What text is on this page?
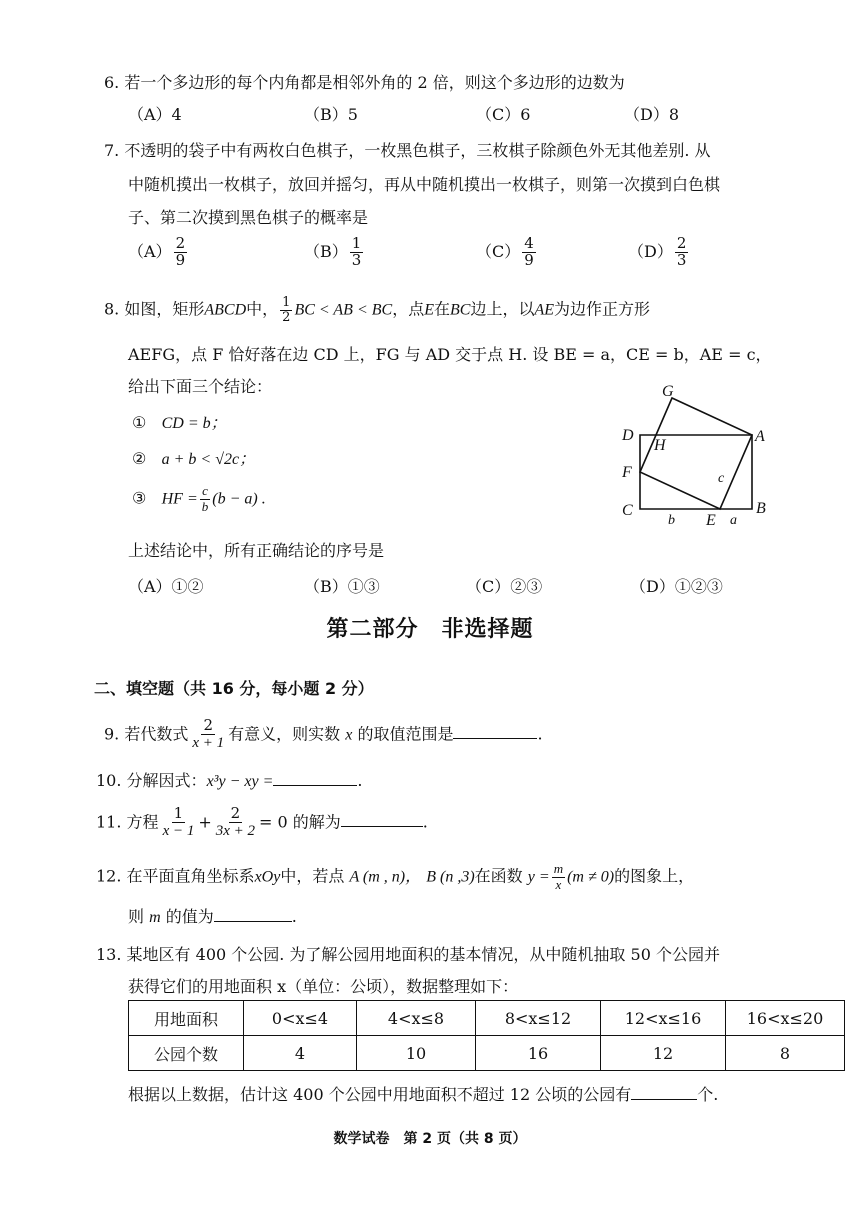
6. 若一个多边形的每个内角都是相邻外角的 2 倍，则这个多边形的边数为
（A）4	（B）5	（C）6	（D）8
7. 不透明的袋子中有两枚白色棋子，一枚黑色棋子，三枚棋子除颜色外无其他差别. 从
中随机摸出一枚棋子，放回并摇匀，再从中随机摸出一枚棋子，则第一次摸到白色棋
子、第二次摸到黑色棋子的概率是
$(A) \frac{2}{9}$	$(B) \frac{1}{3}$	$(C) \frac{4}{9}$	$(D) \frac{2}{3}$
8. 如图，矩形ABCD中， $\frac{1}{2}$ BC < AB < BC，点E在BC边上，以AE为边作正方形
AEFG，点 F 恰好落在边 CD 上，FG 与 AD 交于点 H. 设 BE = a，CE = b，AE = c，
给出下面三个结论：
① CD = b；
② a + b < √2c；
③ HF = $\frac{c}{b} (b - a)$ .
G
D
H
A
F	c
C
b E a
B
上述结论中，所有正确结论的序号是
（A）①②	（B）①③	（C）②③	（D）①②③
第二部分　非选择题
二、填空题（共 16 分，每小题 2 分）
9. 若代数式 $\frac{2}{x + 1}$ 有意义，则实数 x 的取值范围是	.
10. 分解因式：x³y − xy =	.
11. 方程 $\frac{1}{x - 1} + \frac{2}{3x + 2} = 0$ 的解为	.
12. 在平面直角坐标系xOy中，若点 A (m , n)， B (n ,3)在函数 $y = \frac{m}{x} (m \ne 0)$的图象上，
则 m 的值为	.
13. 某地区有 400 个公园. 为了解公园用地面积的基本情况，从中随机抽取 50 个公园并
获得它们的用地面积 x（单位：公顷），数据整理如下：
用地面积	0<x≤4	4<x≤8	8<x≤12	12<x≤16	16<x≤20
公园个数	4	10	16	12	8
根据以上数据，估计这 400 个公园中用地面积不超过 12 公顷的公园有	个.
数学试卷　第 2 页（共 8 页）
